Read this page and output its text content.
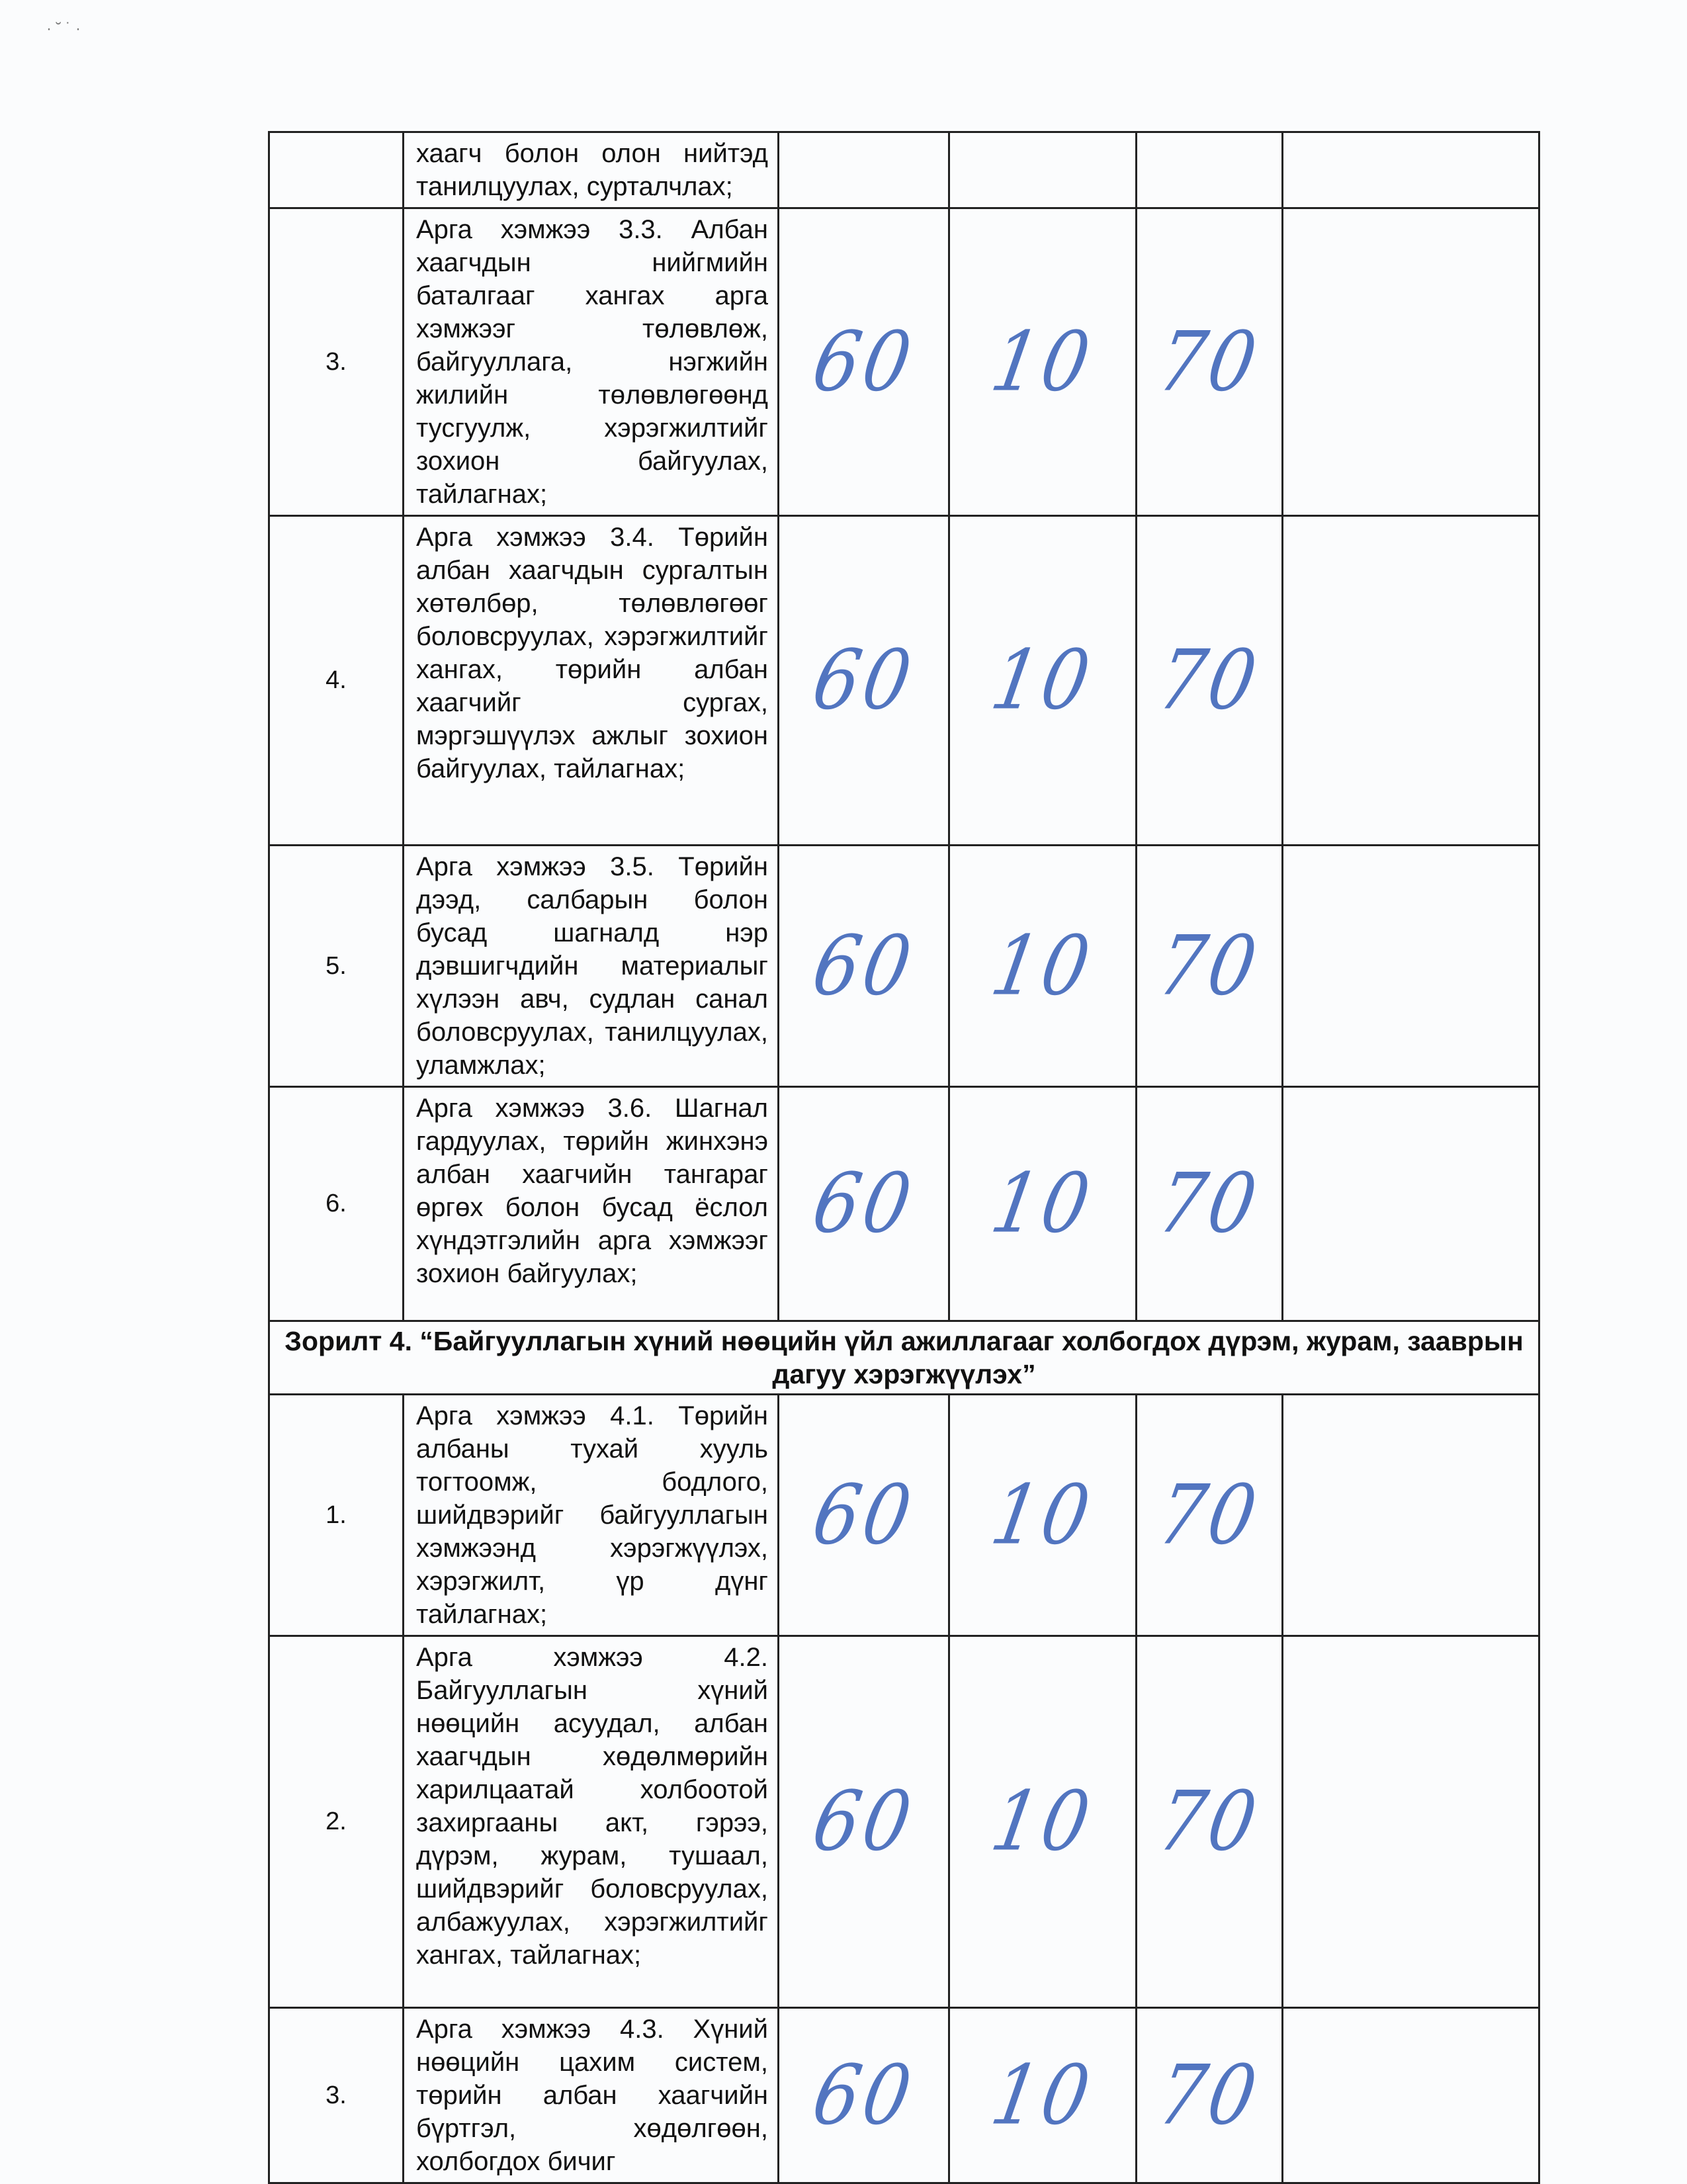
· ˘ ˙ ·
	хаагч болон олон нийтэд танилцуулах, сурталчлах;				
3.	Арга хэмжээ 3.3. Албан хаагчдын нийгмийн баталгааг хангах арга хэмжээг төлөвлөж, байгууллага, нэгжийн жилийн төлөвлөгөөнд тусгуулж, хэрэгжилтийг зохион байгуулах, тайлагнах;	60	10	70	
4.	Арга хэмжээ 3.4. Төрийн албан хаагчдын сургалтын хөтөлбөр, төлөвлөгөөг боловсруулах, хэрэгжилтийг хангах, төрийн албан хаагчийг сургах, мэргэшүүлэх ажлыг зохион байгуулах, тайлагнах;	60	10	70	
5.	Арга хэмжээ 3.5. Төрийн дээд, салбарын болон бусад шагналд нэр дэвшигчдийн материалыг хүлээн авч, судлан санал боловсруулах, танилцуулах, уламжлах;	60	10	70	
6.	Арга хэмжээ 3.6. Шагнал гардуулах, төрийн жинхэнэ албан хаагчийн тангараг өргөх болон бусад ёслол хүндэтгэлийн арга хэмжээг зохион байгуулах;	60	10	70	
Зорилт 4. “Байгууллагын хүний нөөцийн үйл ажиллагааг холбогдох дүрэм, журам, зааврын дагуу хэрэгжүүлэх”					
1.	Арга хэмжээ 4.1. Төрийн албаны тухай хууль тогтоомж, бодлого, шийдвэрийг байгууллагын хэмжээнд хэрэгжүүлэх, хэрэгжилт, үр дүнг тайлагнах;	60	10	70	
2.	Арга хэмжээ 4.2. Байгууллагын хүний нөөцийн асуудал, албан хаагчдын хөдөлмөрийн харилцаатай холбоотой захиргааны акт, гэрээ, дүрэм, журам, тушаал, шийдвэрийг боловсруулах, албажуулах, хэрэгжилтийг хангах, тайлагнах;	60	10	70	
3.	Арга хэмжээ 4.3. Хүний нөөцийн цахим систем, төрийн албан хаагчийн бүртгэл, хөдөлгөөн, холбогдох бичиг	60	10	70	
